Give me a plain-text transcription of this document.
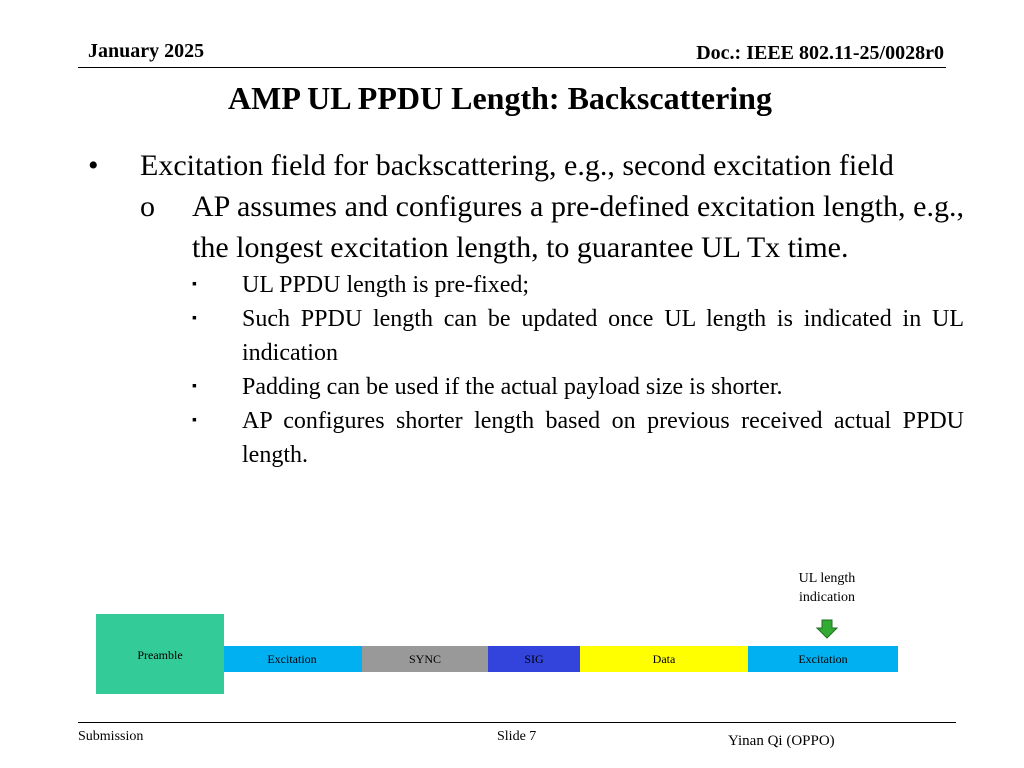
January 2025	Doc.: IEEE 802.11-25/0028r0
AMP UL PPDU Length: Backscattering
• Excitation field for backscattering, e.g., second excitation field
o AP assumes and configures a pre-defined excitation length, e.g., the longest excitation length, to guarantee UL Tx time.
▪ UL PPDU length is pre-fixed;
▪ Such PPDU length can be updated once UL length is indicated in UL indication
▪ Padding can be used if the actual payload size is shorter.
▪ AP configures shorter length based on previous received actual PPDU length.
UL length indication
Excitation	SYNC	SIG	Data	Excitation
Preamble
Submission	Slide 7	Yinan Qi (OPPO)
